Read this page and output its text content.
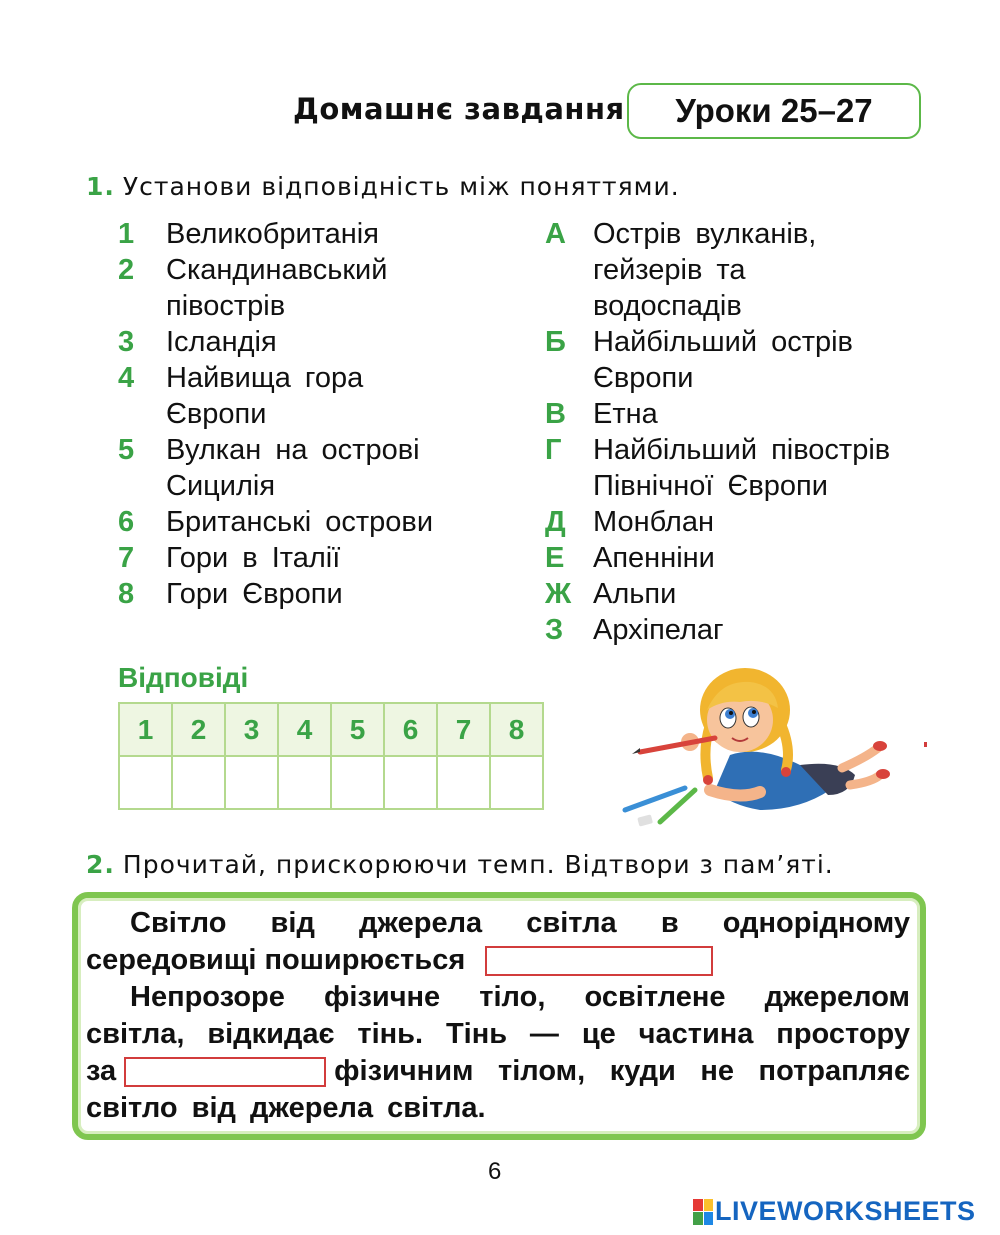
Домашнє завдання	Уроки 25–27
1. Установи відповідність між поняттями.
1	Великобританія
2	Скандинавський
півострів
3	Ісландія
4	Найвища гора
Європи
5	Вулкан на острові
Сицилія
6	Британські острови
7	Гори в Італії
8	Гори Європи
А Острів вулканів,
гейзерів та
водоспадів
Б Найбільший острів
Європи
В Етна
Г	Найбільший півострів
Північної Європи
Д Монблан
Е Апенніни
Ж Альпи
З	Архіпелаг
Відповіді
1	2	3	4	5	6	7	8

2. Прочитай, прискорюючи темп. Відтвори з пам’яті.
Світло від джерела світла в однорідному
середовищі поширюється
Непрозоре фізичне тіло, освітлене джерелом
світла, відкидає тінь. Тінь — це частина простору
за	фізичним тілом, куди не потрапляє
світло від джерела світла.
6
LIVEWORKSHEETS
